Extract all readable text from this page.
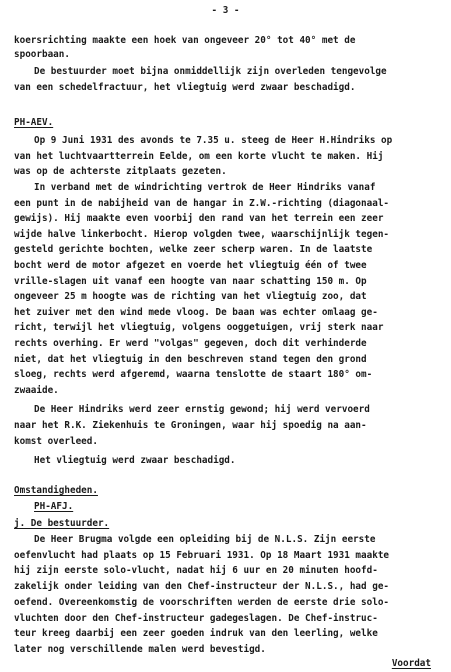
- 3 -
koersrichting maakte een hoek van ongeveer 20° tot 40° met de
spoorbaan.
De bestuurder moet bijna onmiddellijk zijn overleden tengevolge
van een schedelfractuur, het vliegtuig werd zwaar beschadigd.
PH-AEV.
Op 9 Juni 1931 des avonds te 7.35 u. steeg de Heer H.Hindriks op
van het luchtvaartterrein Eelde, om een korte vlucht te maken. Hij
was op de achterste zitplaats gezeten.
In verband met de windrichting vertrok de Heer Hindriks vanaf
een punt in de nabijheid van de hangar in Z.W.-richting (diagonaal-
gewijs). Hij maakte even voorbij den rand van het terrein een zeer
wijde halve linkerbocht. Hierop volgden twee, waarschijnlijk tegen-
gesteld gerichte bochten, welke zeer scherp waren. In de laatste
bocht werd de motor afgezet en voerde het vliegtuig één of twee
vrille-slagen uit vanaf een hoogte van naar schatting 150 m. Op
ongeveer 25 m hoogte was de richting van het vliegtuig zoo, dat
het zuiver met den wind mede vloog. De baan was echter omlaag ge-
richt, terwijl het vliegtuig, volgens ooggetuigen, vrij sterk naar
rechts overhing. Er werd "volgas" gegeven, doch dit verhinderde
niet, dat het vliegtuig in den beschreven stand tegen den grond
sloeg, rechts werd afgeremd, waarna tenslotte de staart 180° om-
zwaaide.
De Heer Hindriks werd zeer ernstig gewond; hij werd vervoerd
naar het R.K. Ziekenhuis te Groningen, waar hij spoedig na aan-
komst overleed.
Het vliegtuig werd zwaar beschadigd.
Omstandigheden.
PH-AFJ.
j. De bestuurder.
De Heer Brugma volgde een opleiding bij de N.L.S. Zijn eerste
oefenvlucht had plaats op 15 Februari 1931. Op 18 Maart 1931 maakte
hij zijn eerste solo-vlucht, nadat hij 6 uur en 20 minuten hoofd-
zakelijk onder leiding van den Chef-instructeur der N.L.S., had ge-
oefend. Overeenkomstig de voorschriften werden de eerste drie solo-
vluchten door den Chef-instructeur gadegeslagen. De Chef-instruc-
teur kreeg daarbij een zeer goeden indruk van den leerling, welke
later nog verschillende malen werd bevestigd.
Voordat
